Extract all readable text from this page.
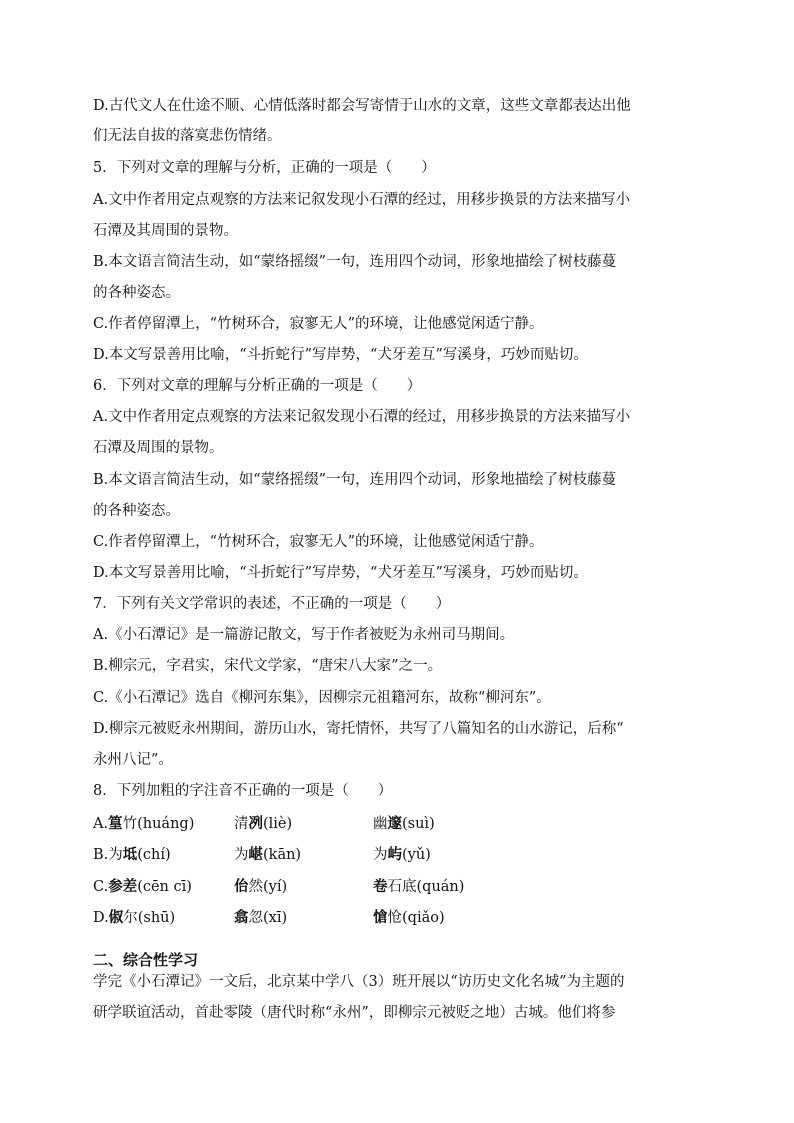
D.古代文人在仕途不顺、心情低落时都会写寄情于山水的文章，这些文章都表达出他
们无法自拔的落寞悲伤情绪。
5．下列对文章的理解与分析，正确的一项是（　　）
A.文中作者用定点观察的方法来记叙发现小石潭的经过，用移步换景的方法来描写小
石潭及其周围的景物。
B.本文语言简洁生动，如“蒙络摇缀”一句，连用四个动词，形象地描绘了树枝藤蔓
的各种姿态。
C.作者停留潭上，“竹树环合，寂寥无人”的环境，让他感觉闲适宁静。
D.本文写景善用比喻，“斗折蛇行”写岸势，“犬牙差互”写溪身，巧妙而贴切。
6．下列对文章的理解与分析正确的一项是（　　）
A.文中作者用定点观察的方法来记叙发现小石潭的经过，用移步换景的方法来描写小
石潭及周围的景物。
B.本文语言简洁生动，如“蒙络摇缀”一句，连用四个动词，形象地描绘了树枝藤蔓
的各种姿态。
C.作者停留潭上，“竹树环合，寂寥无人”的环境，让他感觉闲适宁静。
D.本文写景善用比喻，“斗折蛇行”写岸势，“犬牙差互”写溪身，巧妙而贴切。
7．下列有关文学常识的表述，不正确的一项是（　　）
A.《小石潭记》是一篇游记散文，写于作者被贬为永州司马期间。
B.柳宗元，字君实，宋代文学家，“唐宋八大家”之一。
C.《小石潭记》选自《柳河东集》，因柳宗元祖籍河东，故称“柳河东”。
D.柳宗元被贬永州期间，游历山水，寄托情怀，共写了八篇知名的山水游记，后称“
永州八记”。
8．下列加粗的字注音不正确的一项是（　　）
A.篁竹(huáng)	清冽(liè)	幽邃(suì)
B.为坻(chí)	为嵁(kān)	为屿(yǔ)
C.参差(cēn cī)	佁然(yí)	卷石底(quán)
D.俶尔(shū)	翕忽(xī)	愴怆(qiǎo)
二、综合性学习
学完《小石潭记》一文后，北京某中学八（3）班开展以“访历史文化名城”为主题的
研学联谊活动，首赴零陵（唐代时称“永州”，即柳宗元被贬之地）古城。他们将参
